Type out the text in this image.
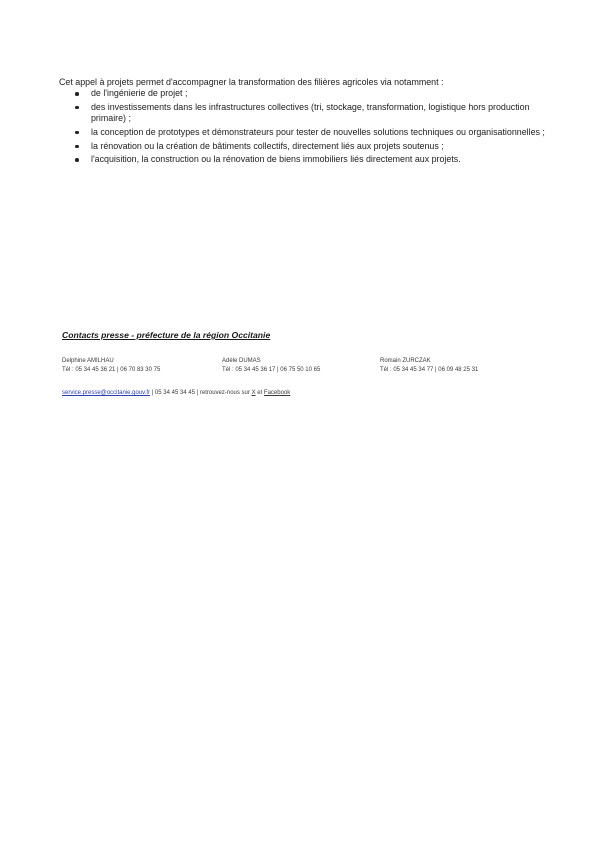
Cet appel à projets permet d'accompagner la transformation des filières agricoles via notamment :
de l'ingénierie de projet ;
des investissements dans les infrastructures collectives (tri, stockage, transformation, logistique hors production primaire) ;
la conception de prototypes et démonstrateurs pour tester de nouvelles solutions techniques ou organisationnelles ;
la rénovation ou la création de bâtiments collectifs, directement liés aux projets soutenus ;
l'acquisition, la construction ou la rénovation de biens immobiliers liés directement aux projets.
Contacts presse - préfecture de la région Occitanie
Delphine AMILHAU
Tél : 05 34 45 36 21 | 06 70 83 30 75
Adèle DUMAS
Tél : 05 34 45 36 17 | 06 75 50 10 65
Romain ZURCZAK
Tél : 05 34 45 34 77 | 06 09 48 25 31
service.presse@occitanie.gouv.fr | 05 34 45 34 45 | retrouvez-nous sur X et Facebook
